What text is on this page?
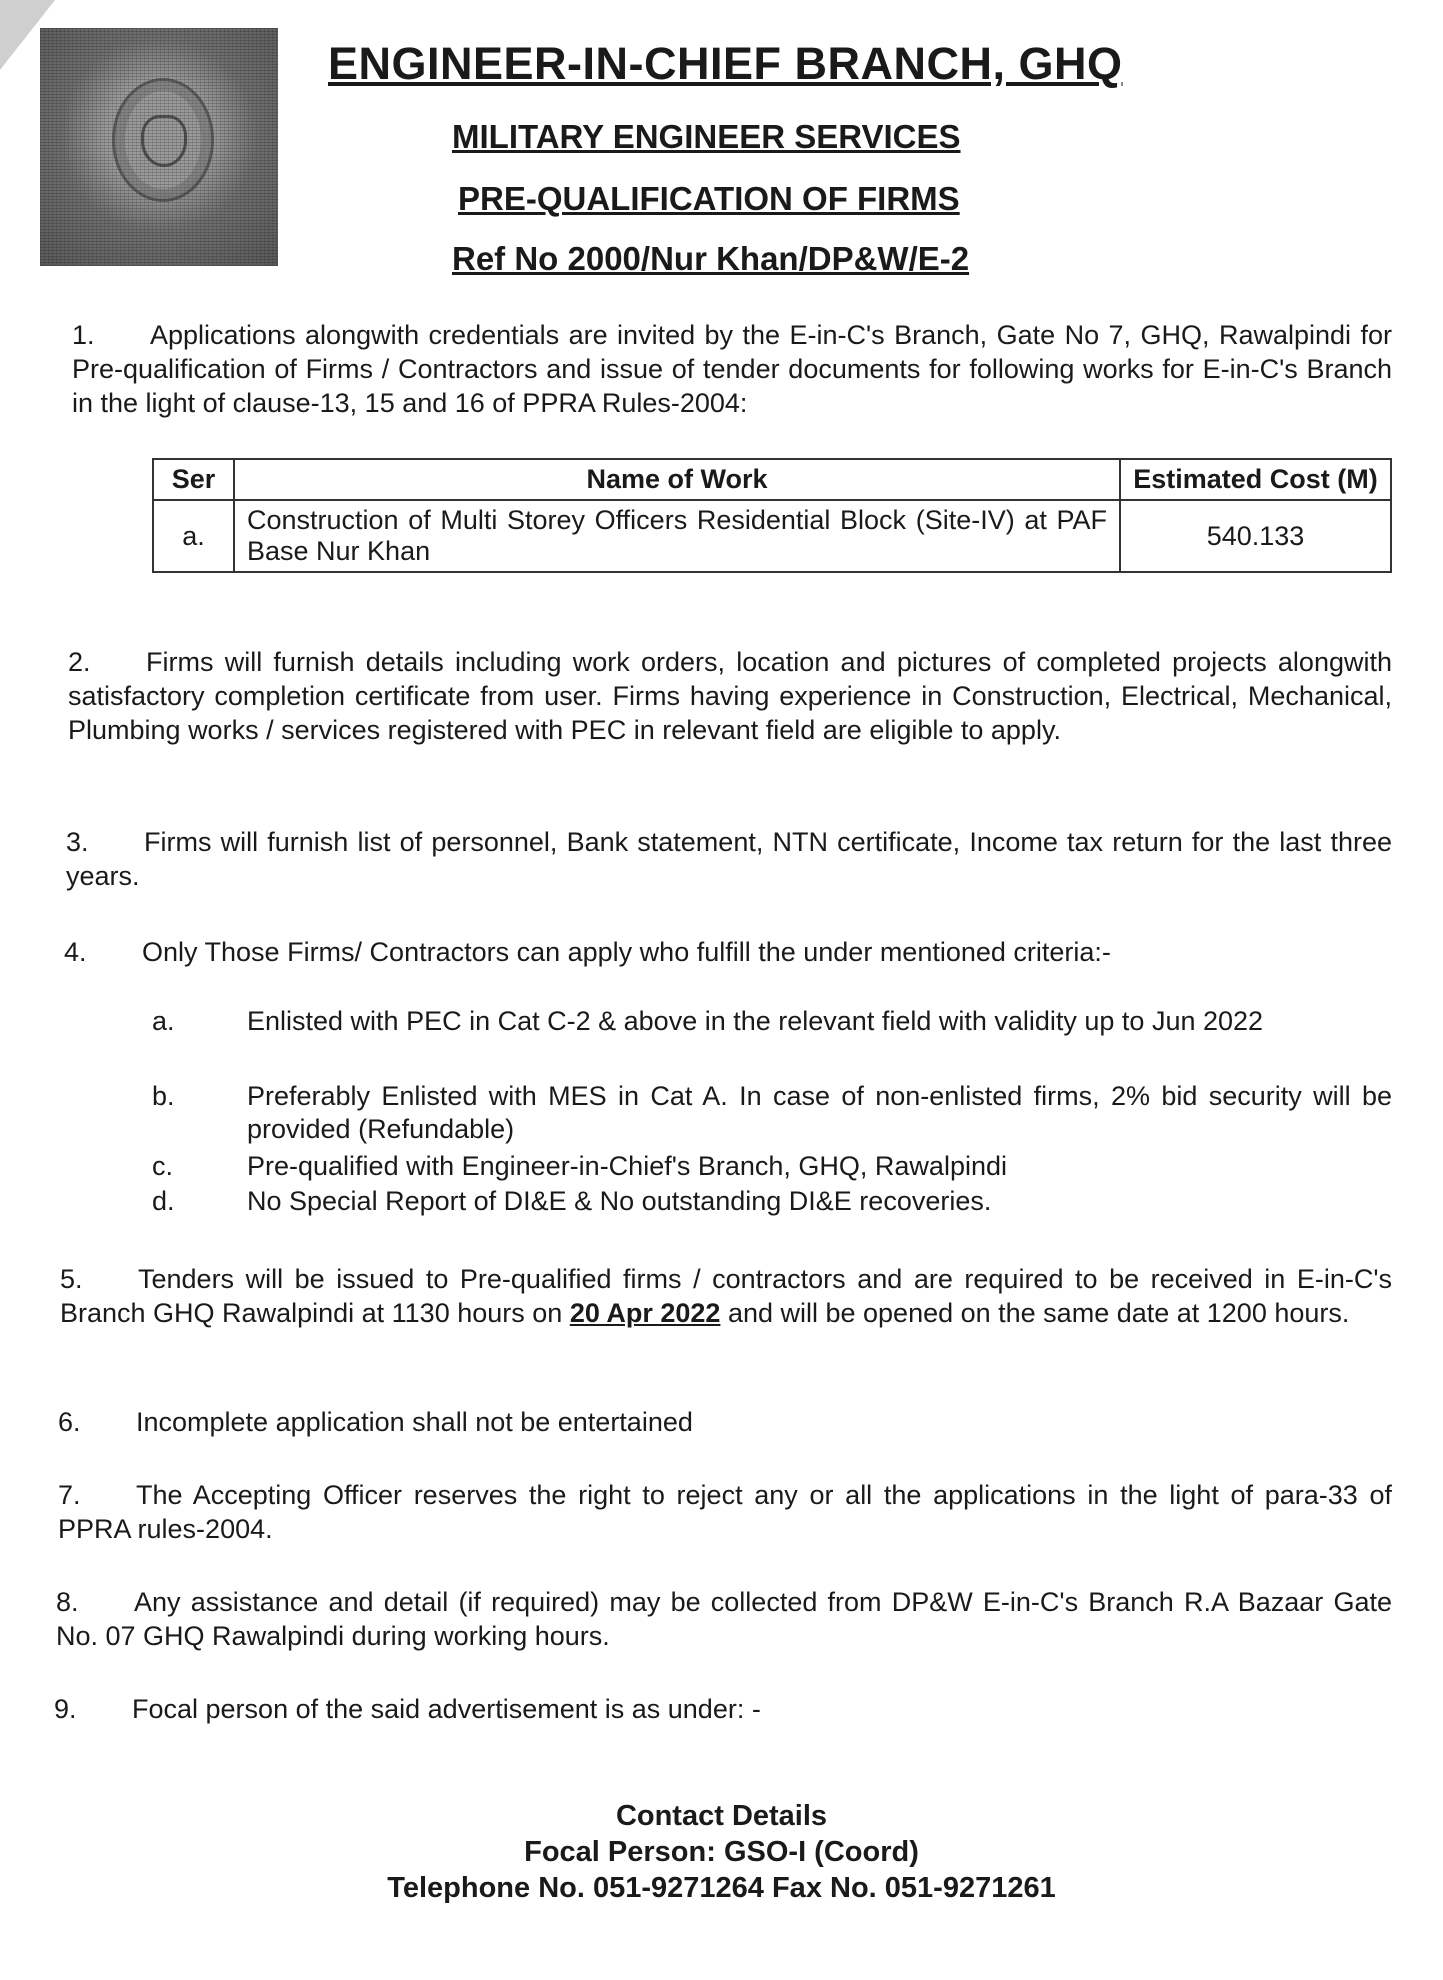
ENGINEER-IN-CHIEF BRANCH, GHQ
MILITARY ENGINEER SERVICES
PRE-QUALIFICATION OF FIRMS
Ref No 2000/Nur Khan/DP&W/E-2

1. Applications alongwith credentials are invited by the E-in-C's Branch, Gate No 7, GHQ, Rawalpindi for Pre-qualification of Firms / Contractors and issue of tender documents for following works for E-in-C's Branch in the light of clause-13, 15 and 16 of PPRA Rules-2004:

Ser	Name of Work	Estimated Cost (M)
a.	Construction of Multi Storey Officers Residential Block (Site-IV) at PAF Base Nur Khan	540.133

2. Firms will furnish details including work orders, location and pictures of completed projects alongwith satisfactory completion certificate from user. Firms having experience in Construction, Electrical, Mechanical, Plumbing works / services registered with PEC in relevant field are eligible to apply.

3. Firms will furnish list of personnel, Bank statement, NTN certificate, Income tax return for the last three years.

4. Only Those Firms/ Contractors can apply who fulfill the under mentioned criteria:-

a.	Enlisted with PEC in Cat C-2 & above in the relevant field with validity up to Jun 2022
b.	Preferably Enlisted with MES in Cat A. In case of non-enlisted firms, 2% bid security will be provided (Refundable)
c.	Pre-qualified with Engineer-in-Chief's Branch, GHQ, Rawalpindi
d.	No Special Report of DI&E & No outstanding DI&E recoveries.

5. Tenders will be issued to Pre-qualified firms / contractors and are required to be received in E-in-C's Branch GHQ Rawalpindi at 1130 hours on 20 Apr 2022 and will be opened on the same date at 1200 hours.

6. Incomplete application shall not be entertained

7. The Accepting Officer reserves the right to reject any or all the applications in the light of para-33 of PPRA rules-2004.

8. Any assistance and detail (if required) may be collected from DP&W E-in-C's Branch R.A Bazaar Gate No. 07 GHQ Rawalpindi during working hours.

9. Focal person of the said advertisement is as under: -

Contact Details
Focal Person: GSO-I (Coord)
Telephone No. 051-9271264 Fax No. 051-9271261
